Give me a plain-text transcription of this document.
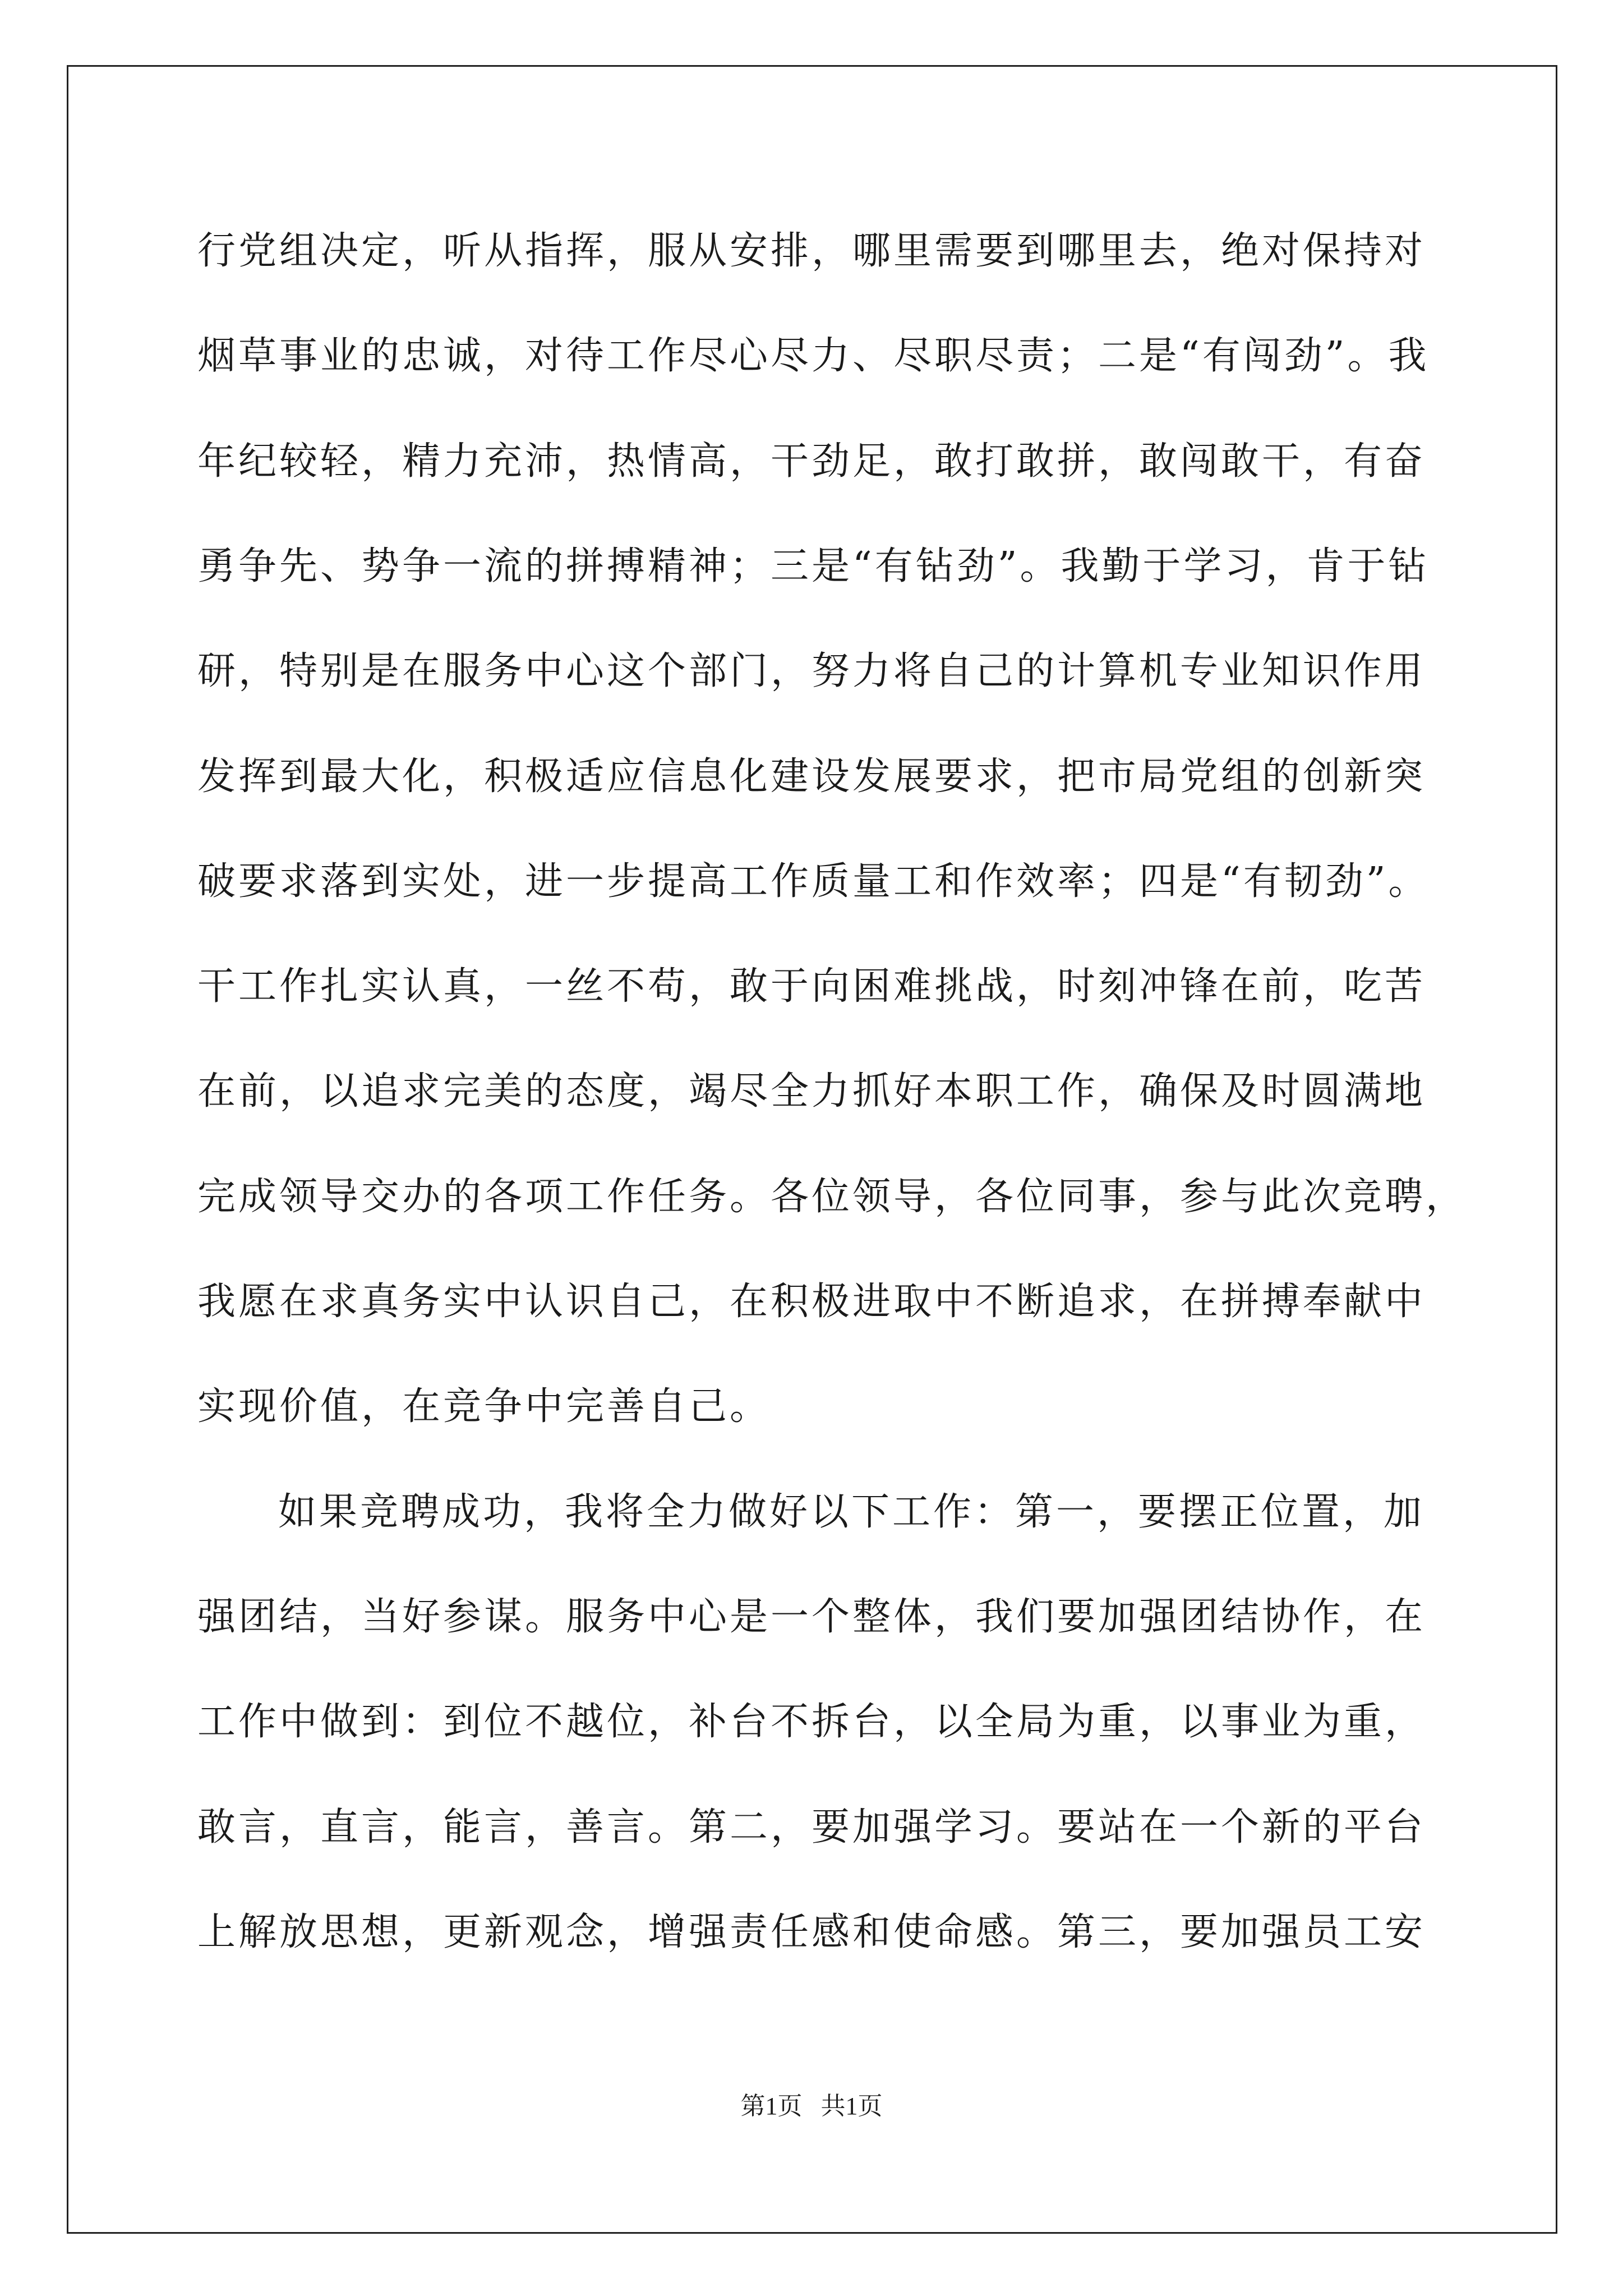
行党组决定，听从指挥，服从安排，哪里需要到哪里去，绝对保持对
烟草事业的忠诚，对待工作尽心尽力、尽职尽责；二是“有闯劲”。我
年纪较轻，精力充沛，热情高，干劲足，敢打敢拼，敢闯敢干，有奋
勇争先、势争一流的拼搏精神；三是“有钻劲”。我勤于学习，肯于钻
研，特别是在服务中心这个部门，努力将自己的计算机专业知识作用
发挥到最大化，积极适应信息化建设发展要求，把市局党组的创新突
破要求落到实处，进一步提高工作质量工和作效率；四是“有韧劲”。
干工作扎实认真，一丝不苟，敢于向困难挑战，时刻冲锋在前，吃苦
在前，以追求完美的态度，竭尽全力抓好本职工作，确保及时圆满地
完成领导交办的各项工作任务。各位领导，各位同事，参与此次竞聘，
我愿在求真务实中认识自己，在积极进取中不断追求，在拼搏奉献中
实现价值，在竞争中完善自己。
如果竞聘成功，我将全力做好以下工作：第一，要摆正位置，加
强团结，当好参谋。服务中心是一个整体，我们要加强团结协作，在
工作中做到：到位不越位，补台不拆台，以全局为重，以事业为重，
敢言，直言，能言，善言。第二，要加强学习。要站在一个新的平台
上解放思想，更新观念，增强责任感和使命感。第三，要加强员工安
第1页   共1页
